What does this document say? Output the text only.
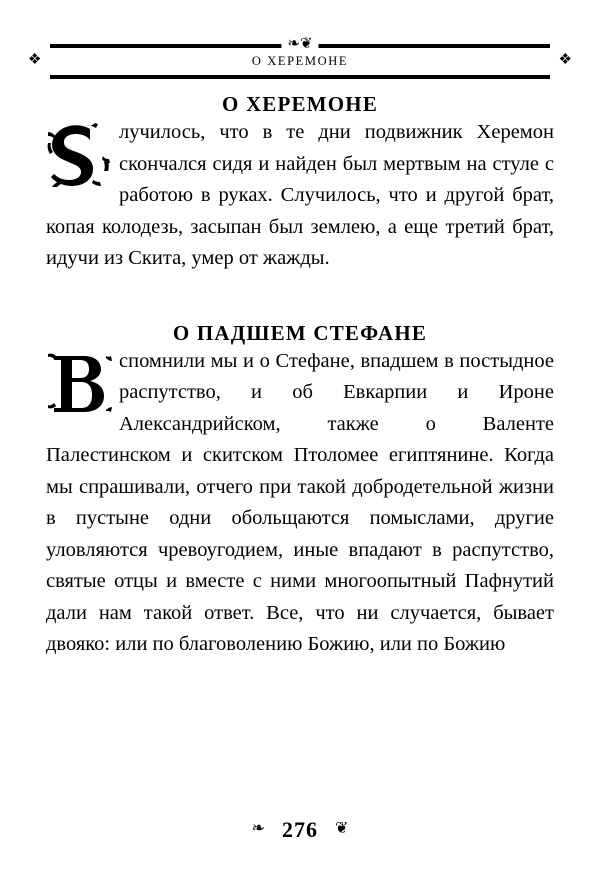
❖	❖
❧❦
О ХЕРЕМОНЕ
О ХЕРЕМОНЕ

лучилось, что в те дни подвижник Херемон скончался сидя и найден был мертвым на стуле с работою в руках. Случилось, что и другой брат, копая колодезь, засыпан был землею, а еще третий брат, идучи из Скита, умер от жажды.

О ПАДШЕМ СТЕФАНЕ

спомнили мы и о Стефане, впадшем в постыдное распутство, и об Евкарпии и Ироне Александрийском, также о Валенте Палестинском и скитском Птоломее египтянине. Когда мы спрашивали, отчего при такой добродетельной жизни в пустыне одни обольщаются помыслами, другие уловляются чревоугодием, иные впадают в распутство, святые отцы и вместе с ними многоопытный Пафнутий дали нам такой ответ. Все, что ни случается, бывает двояко: или по благоволению Божию, или по Божию

❧ 276 ❦
